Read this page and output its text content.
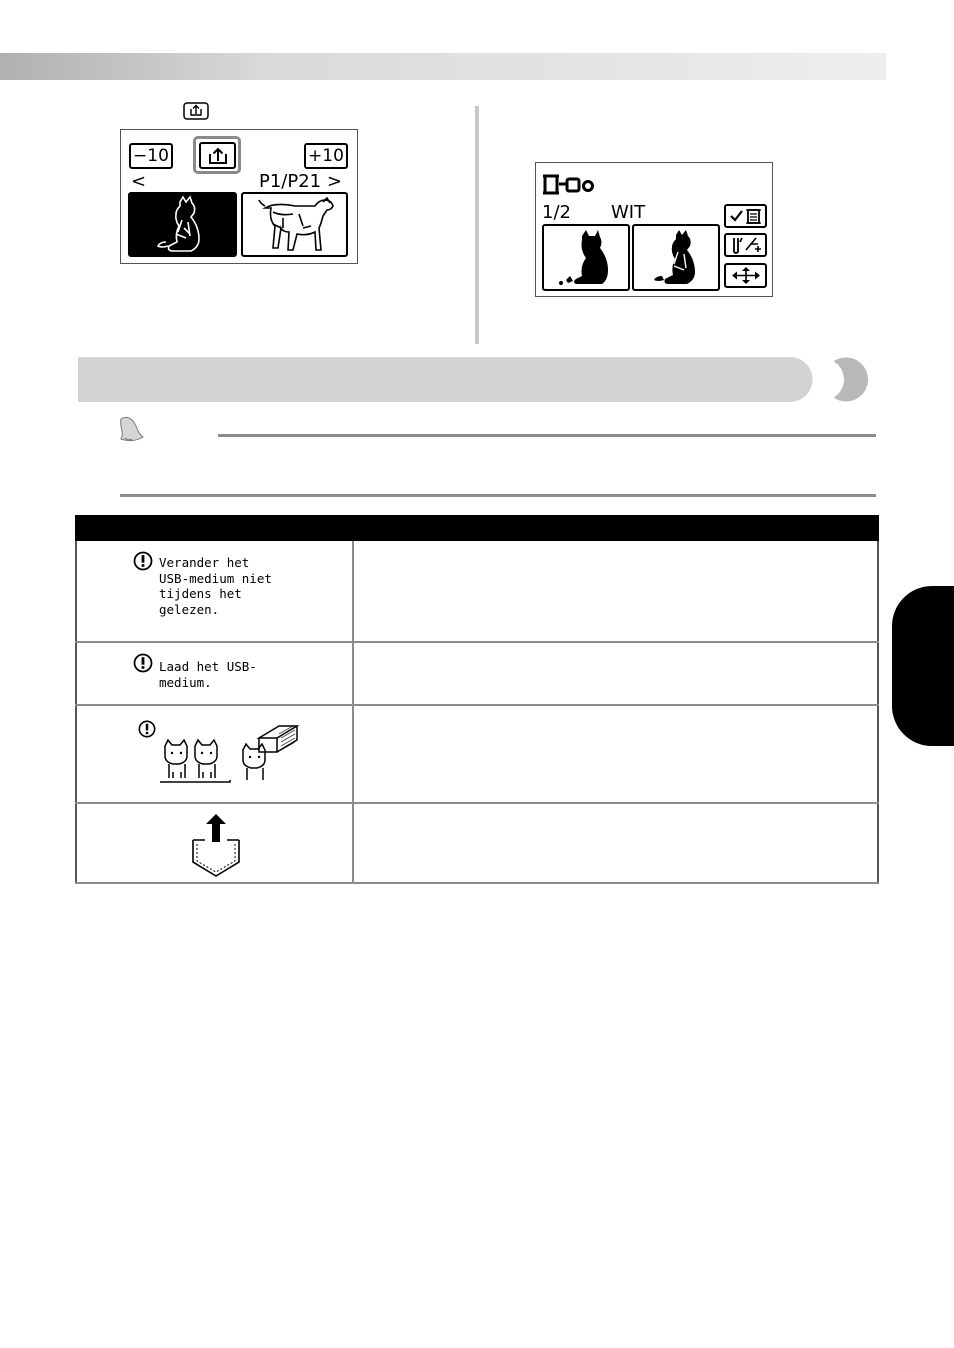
−10	+10
<	P1/P21 >
1/2 WIT

Verander het
USB-medium niet
tijdens het
gelezen.	

Laad het USB-
medium.	
